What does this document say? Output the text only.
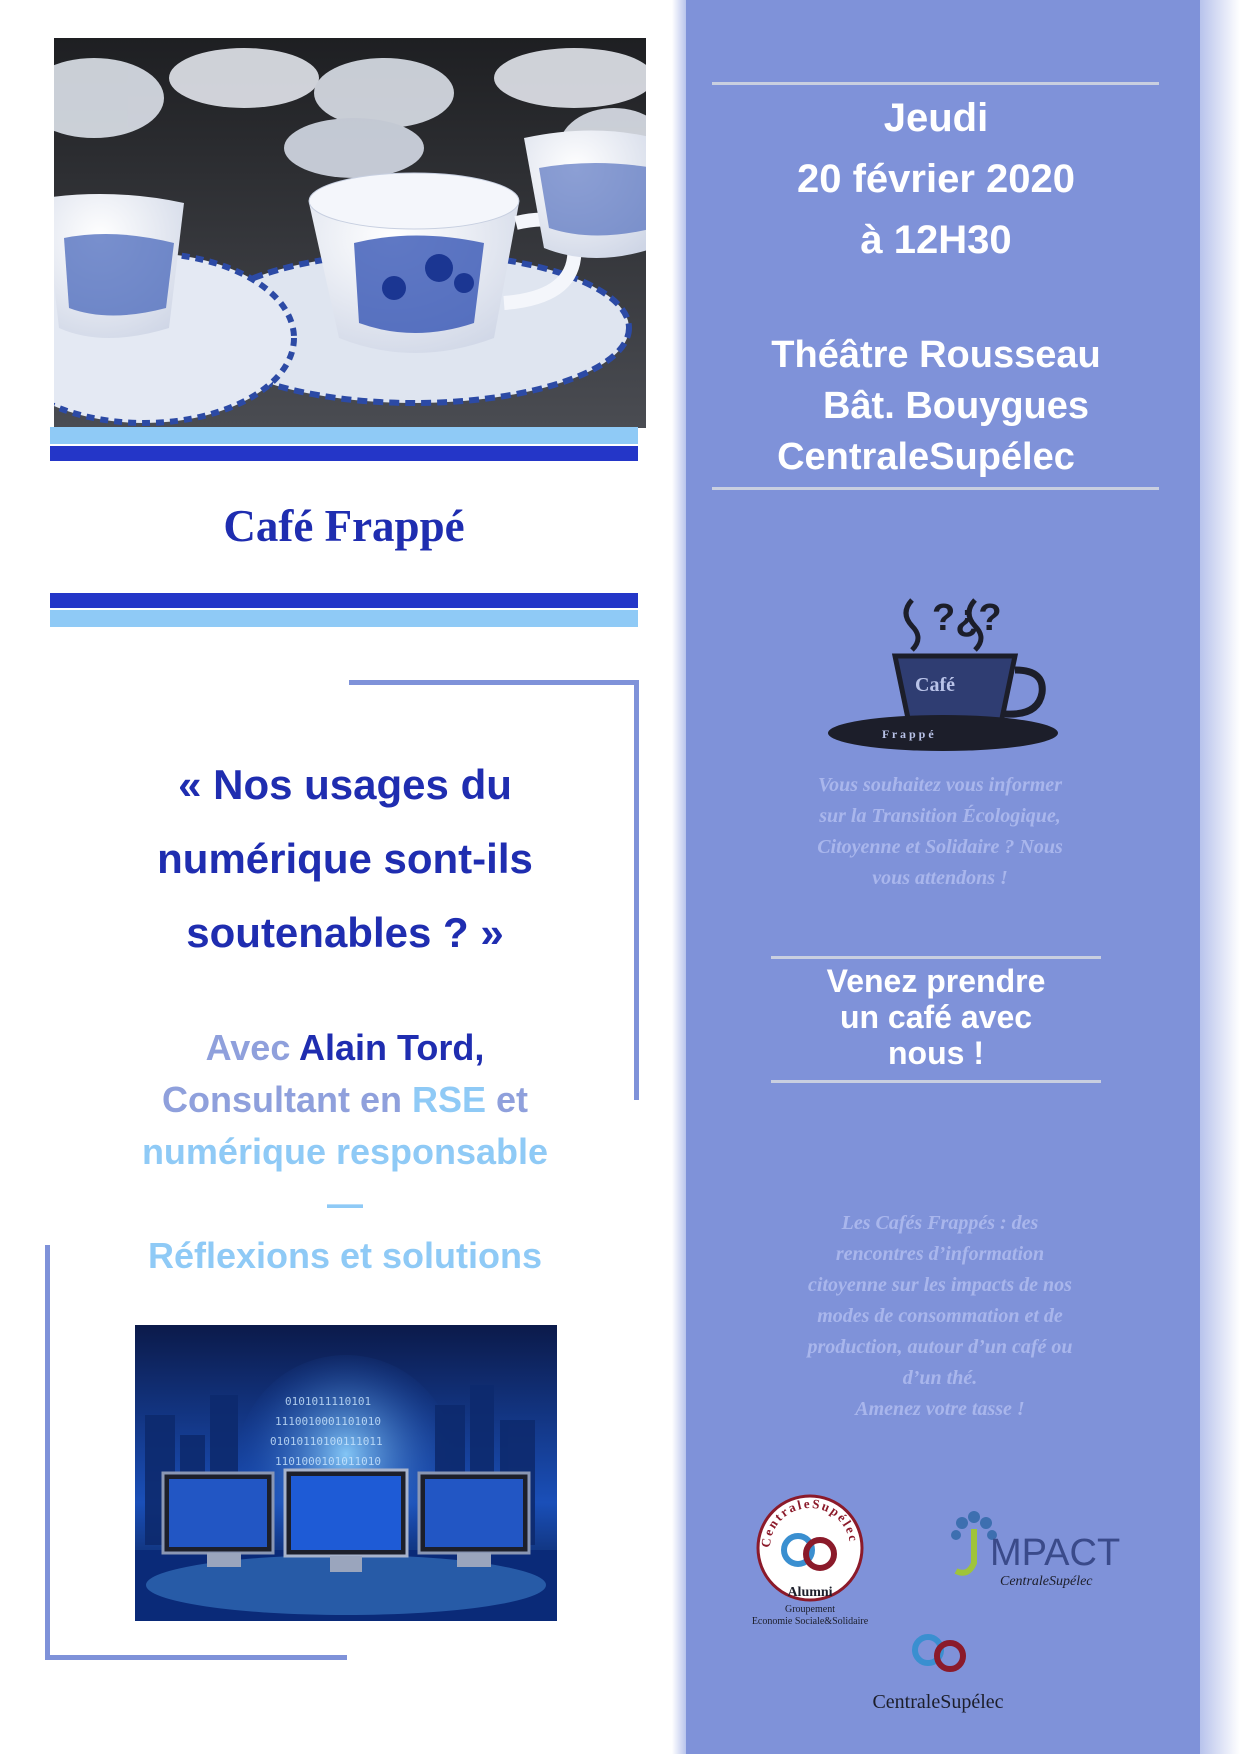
Café Frappé
« Nos usages du
numérique sont-ils
soutenables ? »
Avec Alain Tord,
Consultant en RSE et
numérique responsable
—
Réflexions et solutions
0101011110101
1110010001101010
01010110100111011
1101000101011010
Jeudi
20 février 2020
à 12H30
Théâtre Rousseau
Bât. Bouygues
CentraleSupélec
?¿?
Café
F r a p p é
Vous souhaitez vous informer
sur la Transition Écologique,
Citoyenne et Solidaire ? Nous
vous attendons !
Venez prendre
un café avec
nous !
Les Cafés Frappés : des
rencontres d’information
citoyenne sur les impacts de nos
modes de consommation et de
production, autour d’un café ou
d’un thé.
Amenez votre tasse !
CentraleSupélec
Alumni
Groupement
Economie Sociale&Solidaire
MPACT
CentraleSupélec
CentraleSupélec
